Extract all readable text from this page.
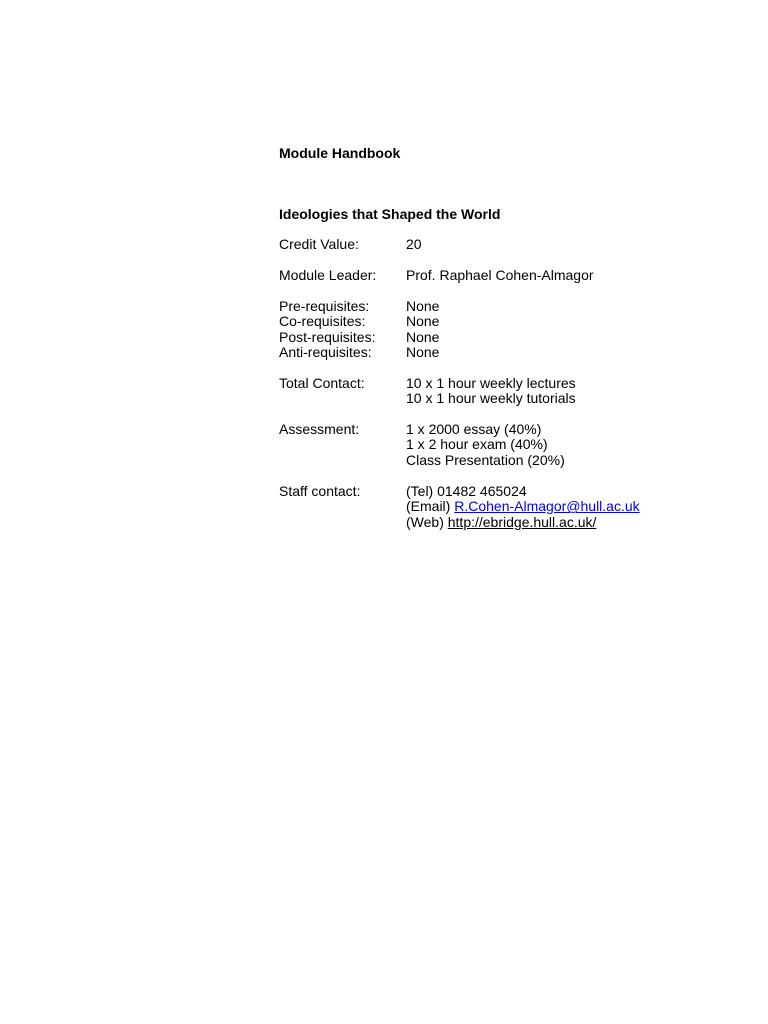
Module Handbook
Ideologies that Shaped the World
Credit Value:	20
Module Leader:	Prof. Raphael Cohen-Almagor
Pre-requisites:	None
Co-requisites:	None
Post-requisites:	None
Anti-requisites:	None
Total Contact:	10 x 1 hour weekly lectures
10 x 1 hour weekly tutorials
Assessment:	1 x 2000 essay (40%)
1 x 2 hour exam (40%)
Class Presentation (20%)
Staff contact:	(Tel) 01482 465024
(Email) R.Cohen-Almagor@hull.ac.uk
(Web) http://ebridge.hull.ac.uk/
